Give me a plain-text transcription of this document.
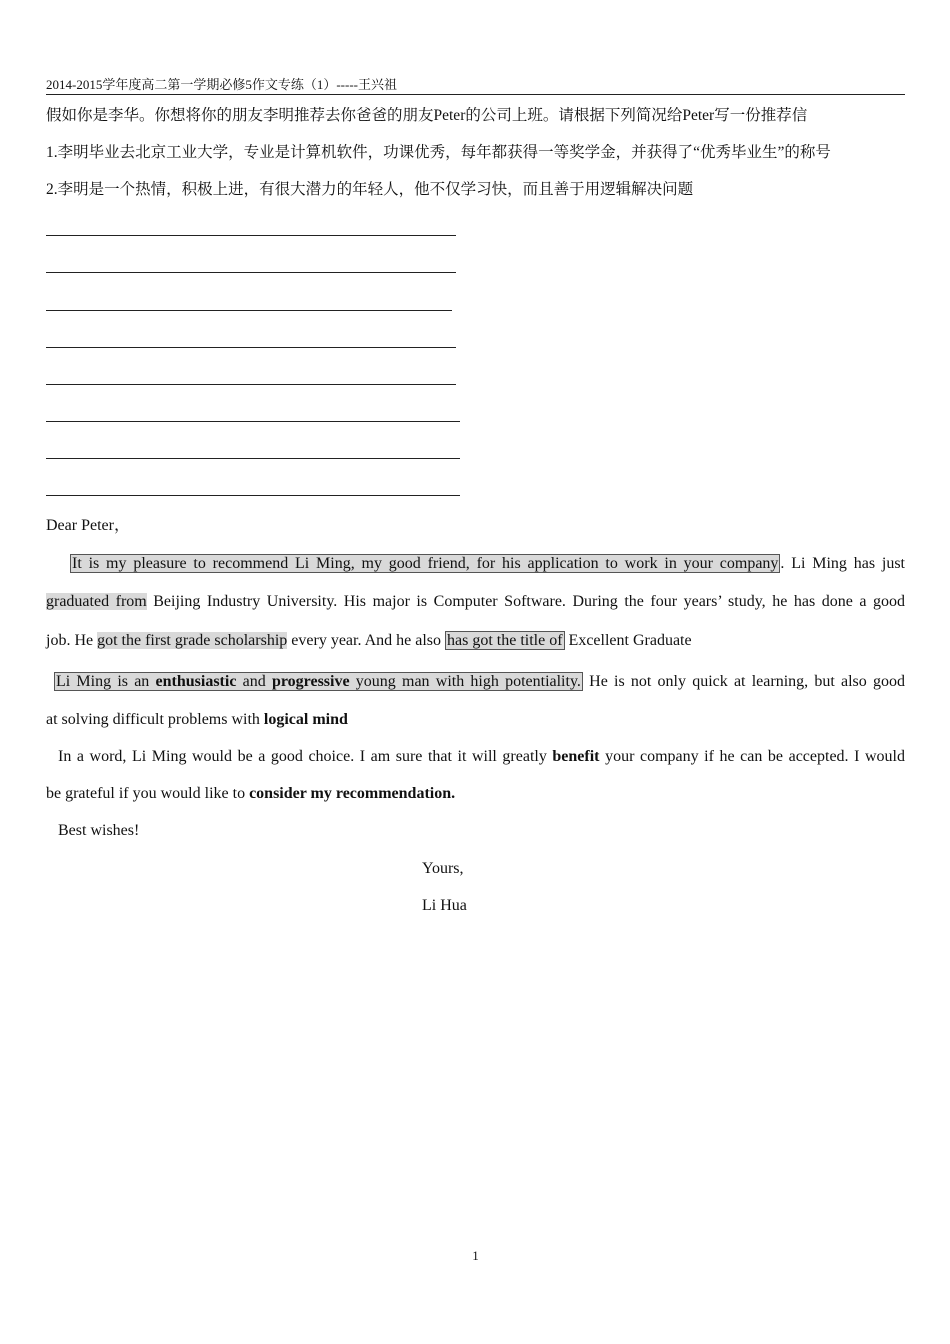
2014-2015学年度高二第一学期必修5作文专练（1）-----王兴祖
假如你是李华。你想将你的朋友李明推荐去你爸爸的朋友Peter的公司上班。请根据下列简况给Peter写一份推荐信
1.李明毕业去北京工业大学，专业是计算机软件，功课优秀，每年都获得一等奖学金，并获得了“优秀毕业生”的称号
2.李明是一个热情，积极上进，有很大潜力的年轻人，他不仅学习快，而且善于用逻辑解决问题
Dear Peter，
It is my pleasure to recommend Li Ming, my good friend, for his application to work in your company . Li Ming has just
graduated from Beijing Industry University. His major is Computer Software. During the four years’ study, he has done a good
job. He got the first grade scholarship every year. And he also has got the title of Excellent Graduate
Li Ming is an enthusiastic and progressive young man with high potentiality. He is not only quick at learning, but also good
at solving difficult problems with logical mind
In a word, Li Ming would be a good choice. I am sure that it will greatly benefit your company if he can be accepted. I would
be grateful if you would like to consider my recommendation.
Best wishes!
Yours,
Li Hua
1
